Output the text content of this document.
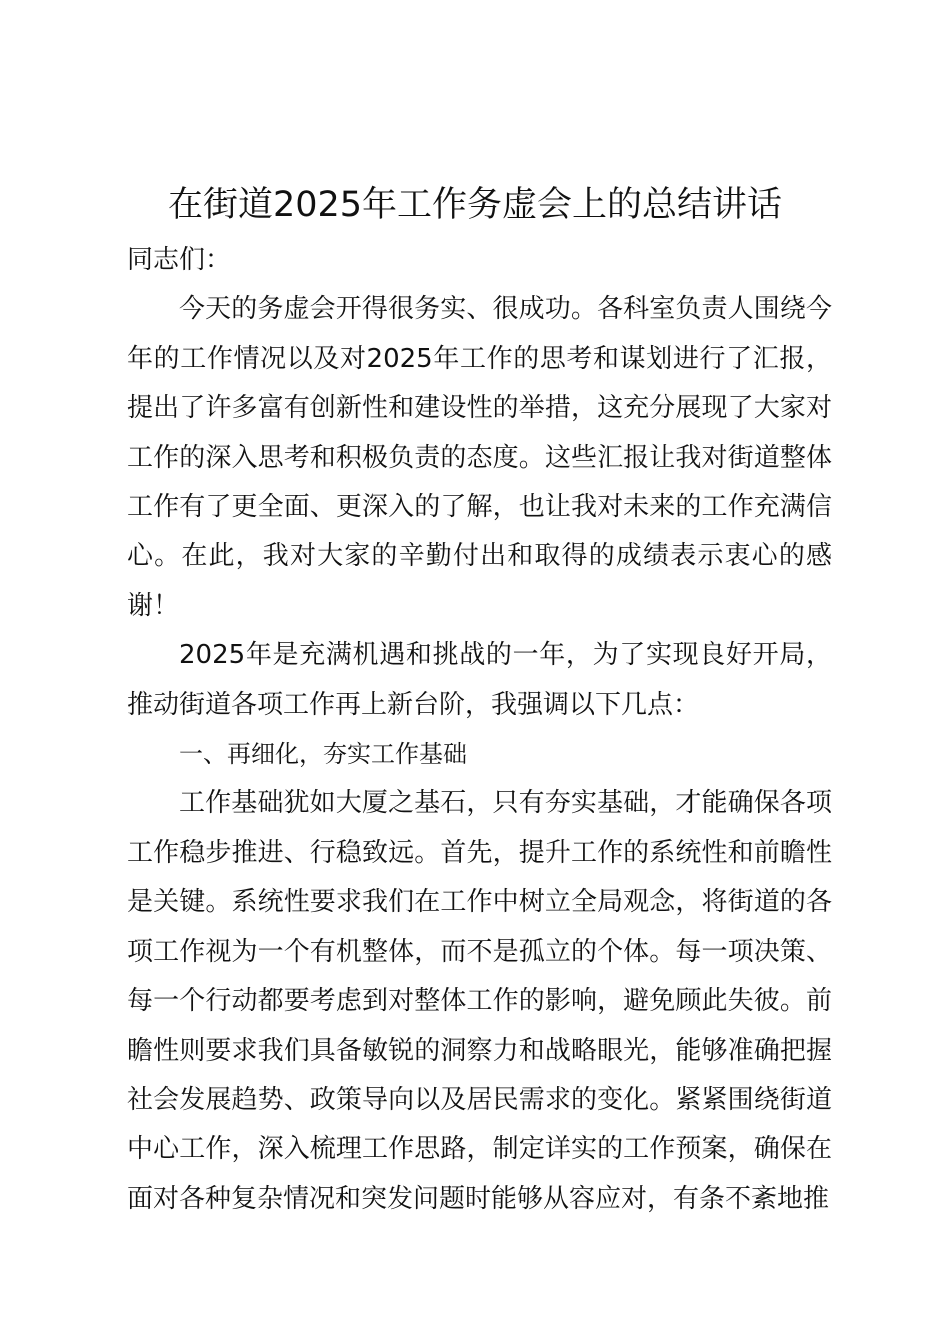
在街道2025年工作务虚会上的总结讲话

同志们：

今天的务虚会开得很务实、很成功。各科室负责人围绕今年的工作情况以及对2025年工作的思考和谋划进行了汇报，提出了许多富有创新性和建设性的举措，这充分展现了大家对工作的深入思考和积极负责的态度。这些汇报让我对街道整体工作有了更全面、更深入的了解，也让我对未来的工作充满信心。在此，我对大家的辛勤付出和取得的成绩表示衷心的感谢！

2025年是充满机遇和挑战的一年，为了实现良好开局，推动街道各项工作再上新台阶，我强调以下几点：

一、再细化，夯实工作基础

工作基础犹如大厦之基石，只有夯实基础，才能确保各项工作稳步推进、行稳致远。首先，提升工作的系统性和前瞻性是关键。系统性要求我们在工作中树立全局观念，将街道的各项工作视为一个有机整体，而不是孤立的个体。每一项决策、每一个行动都要考虑到对整体工作的影响，避免顾此失彼。前瞻性则要求我们具备敏锐的洞察力和战略眼光，能够准确把握社会发展趋势、政策导向以及居民需求的变化。紧紧围绕街道中心工作，深入梳理工作思路，制定详实的工作预案，确保在面对各种复杂情况和突发问题时能够从容应对，有条不紊地推
